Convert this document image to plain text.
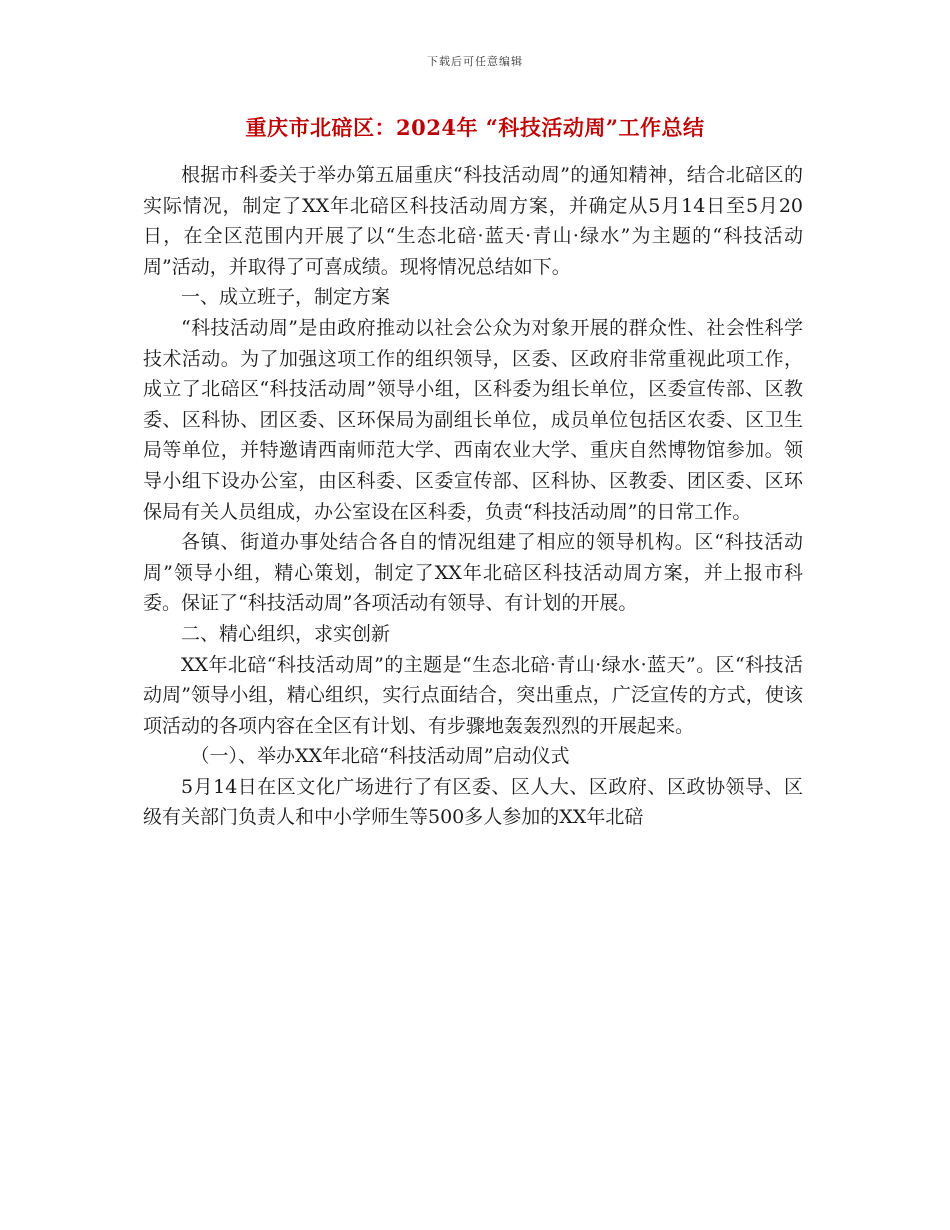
下载后可任意编辑
重庆市北碚区：2024年 “科技活动周”工作总结

根据市科委关于举办第五届重庆“科技活动周”的通知精神，结合北碚区的实际情况，制定了XX年北碚区科技活动周方案，并确定从5月14日至5月20日，在全区范围内开展了以“生态北碚·蓝天·青山·绿水”为主题的“科技活动周”活动，并取得了可喜成绩。现将情况总结如下。

一、成立班子，制定方案

“科技活动周”是由政府推动以社会公众为对象开展的群众性、社会性科学技术活动。为了加强这项工作的组织领导，区委、区政府非常重视此项工作，成立了北碚区“科技活动周”领导小组，区科委为组长单位，区委宣传部、区教委、区科协、团区委、区环保局为副组长单位，成员单位包括区农委、区卫生局等单位，并特邀请西南师范大学、西南农业大学、重庆自然博物馆参加。领导小组下设办公室，由区科委、区委宣传部、区科协、区教委、团区委、区环保局有关人员组成，办公室设在区科委，负责“科技活动周”的日常工作。

各镇、街道办事处结合各自的情况组建了相应的领导机构。区“科技活动周”领导小组，精心策划，制定了XX年北碚区科技活动周方案，并上报市科委。保证了“科技活动周”各项活动有领导、有计划的开展。

二、精心组织，求实创新

XX年北碚“科技活动周”的主题是“生态北碚·青山·绿水·蓝天”。区“科技活动周”领导小组，精心组织，实行点面结合，突出重点，广泛宣传的方式，使该项活动的各项内容在全区有计划、有步骤地轰轰烈烈的开展起来。

（一）、举办XX年北碚“科技活动周”启动仪式

5月14日在区文化广场进行了有区委、区人大、区政府、区政协领导、区级有关部门负责人和中小学师生等500多人参加的XX年北碚
